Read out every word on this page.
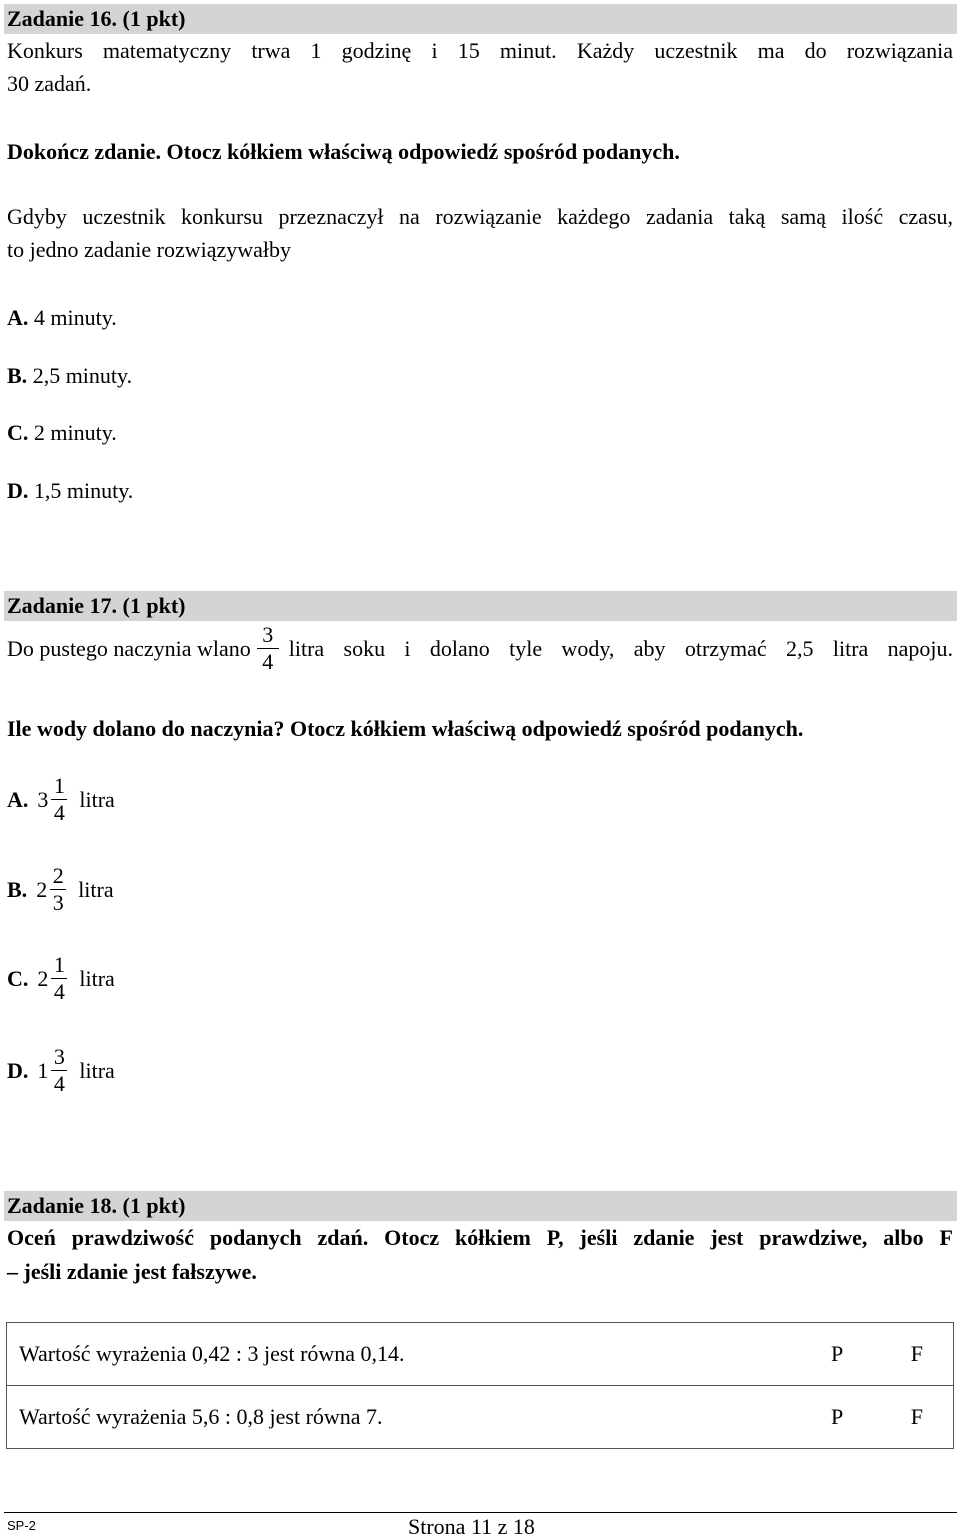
Zadanie 16. (1 pkt)
Konkurs matematyczny trwa 1 godzinę i 15 minut. Każdy uczestnik ma do rozwiązania
30 zadań.
Dokończ zdanie. Otocz kółkiem właściwą odpowiedź spośród podanych.
Gdyby uczestnik konkursu przeznaczył na rozwiązanie każdego zadania taką samą ilość czasu,
to jedno zadanie rozwiązywałby
A. 4 minuty.
B. 2,5 minuty.
C. 2 minuty.
D. 1,5 minuty.
Zadanie 17. (1 pkt)
Do pustego naczynia wlano $\frac{3}{4}$ litra soku i dolano tyle wody, aby otrzymać 2,5 litra napoju.
Ile wody dolano do naczynia? Otocz kółkiem właściwą odpowiedź spośród podanych.
A. $3 \frac{1}{4}$ litra
B. $2 \frac{2}{3}$ litra
C. $2 \frac{1}{4}$ litra
D. $1 \frac{3}{4}$ litra
Zadanie 18. (1 pkt)
Oceń prawdziwość podanych zdań. Otocz kółkiem P, jeśli zdanie jest prawdziwe, albo F
– jeśli zdanie jest fałszywe.
Wartość wyrażenia 0,42 : 3 jest równa 0,14.	P F

Wartość wyrażenia 5,6 : 0,8 jest równa 7.	P F
SP-2	Strona 11 z 18
